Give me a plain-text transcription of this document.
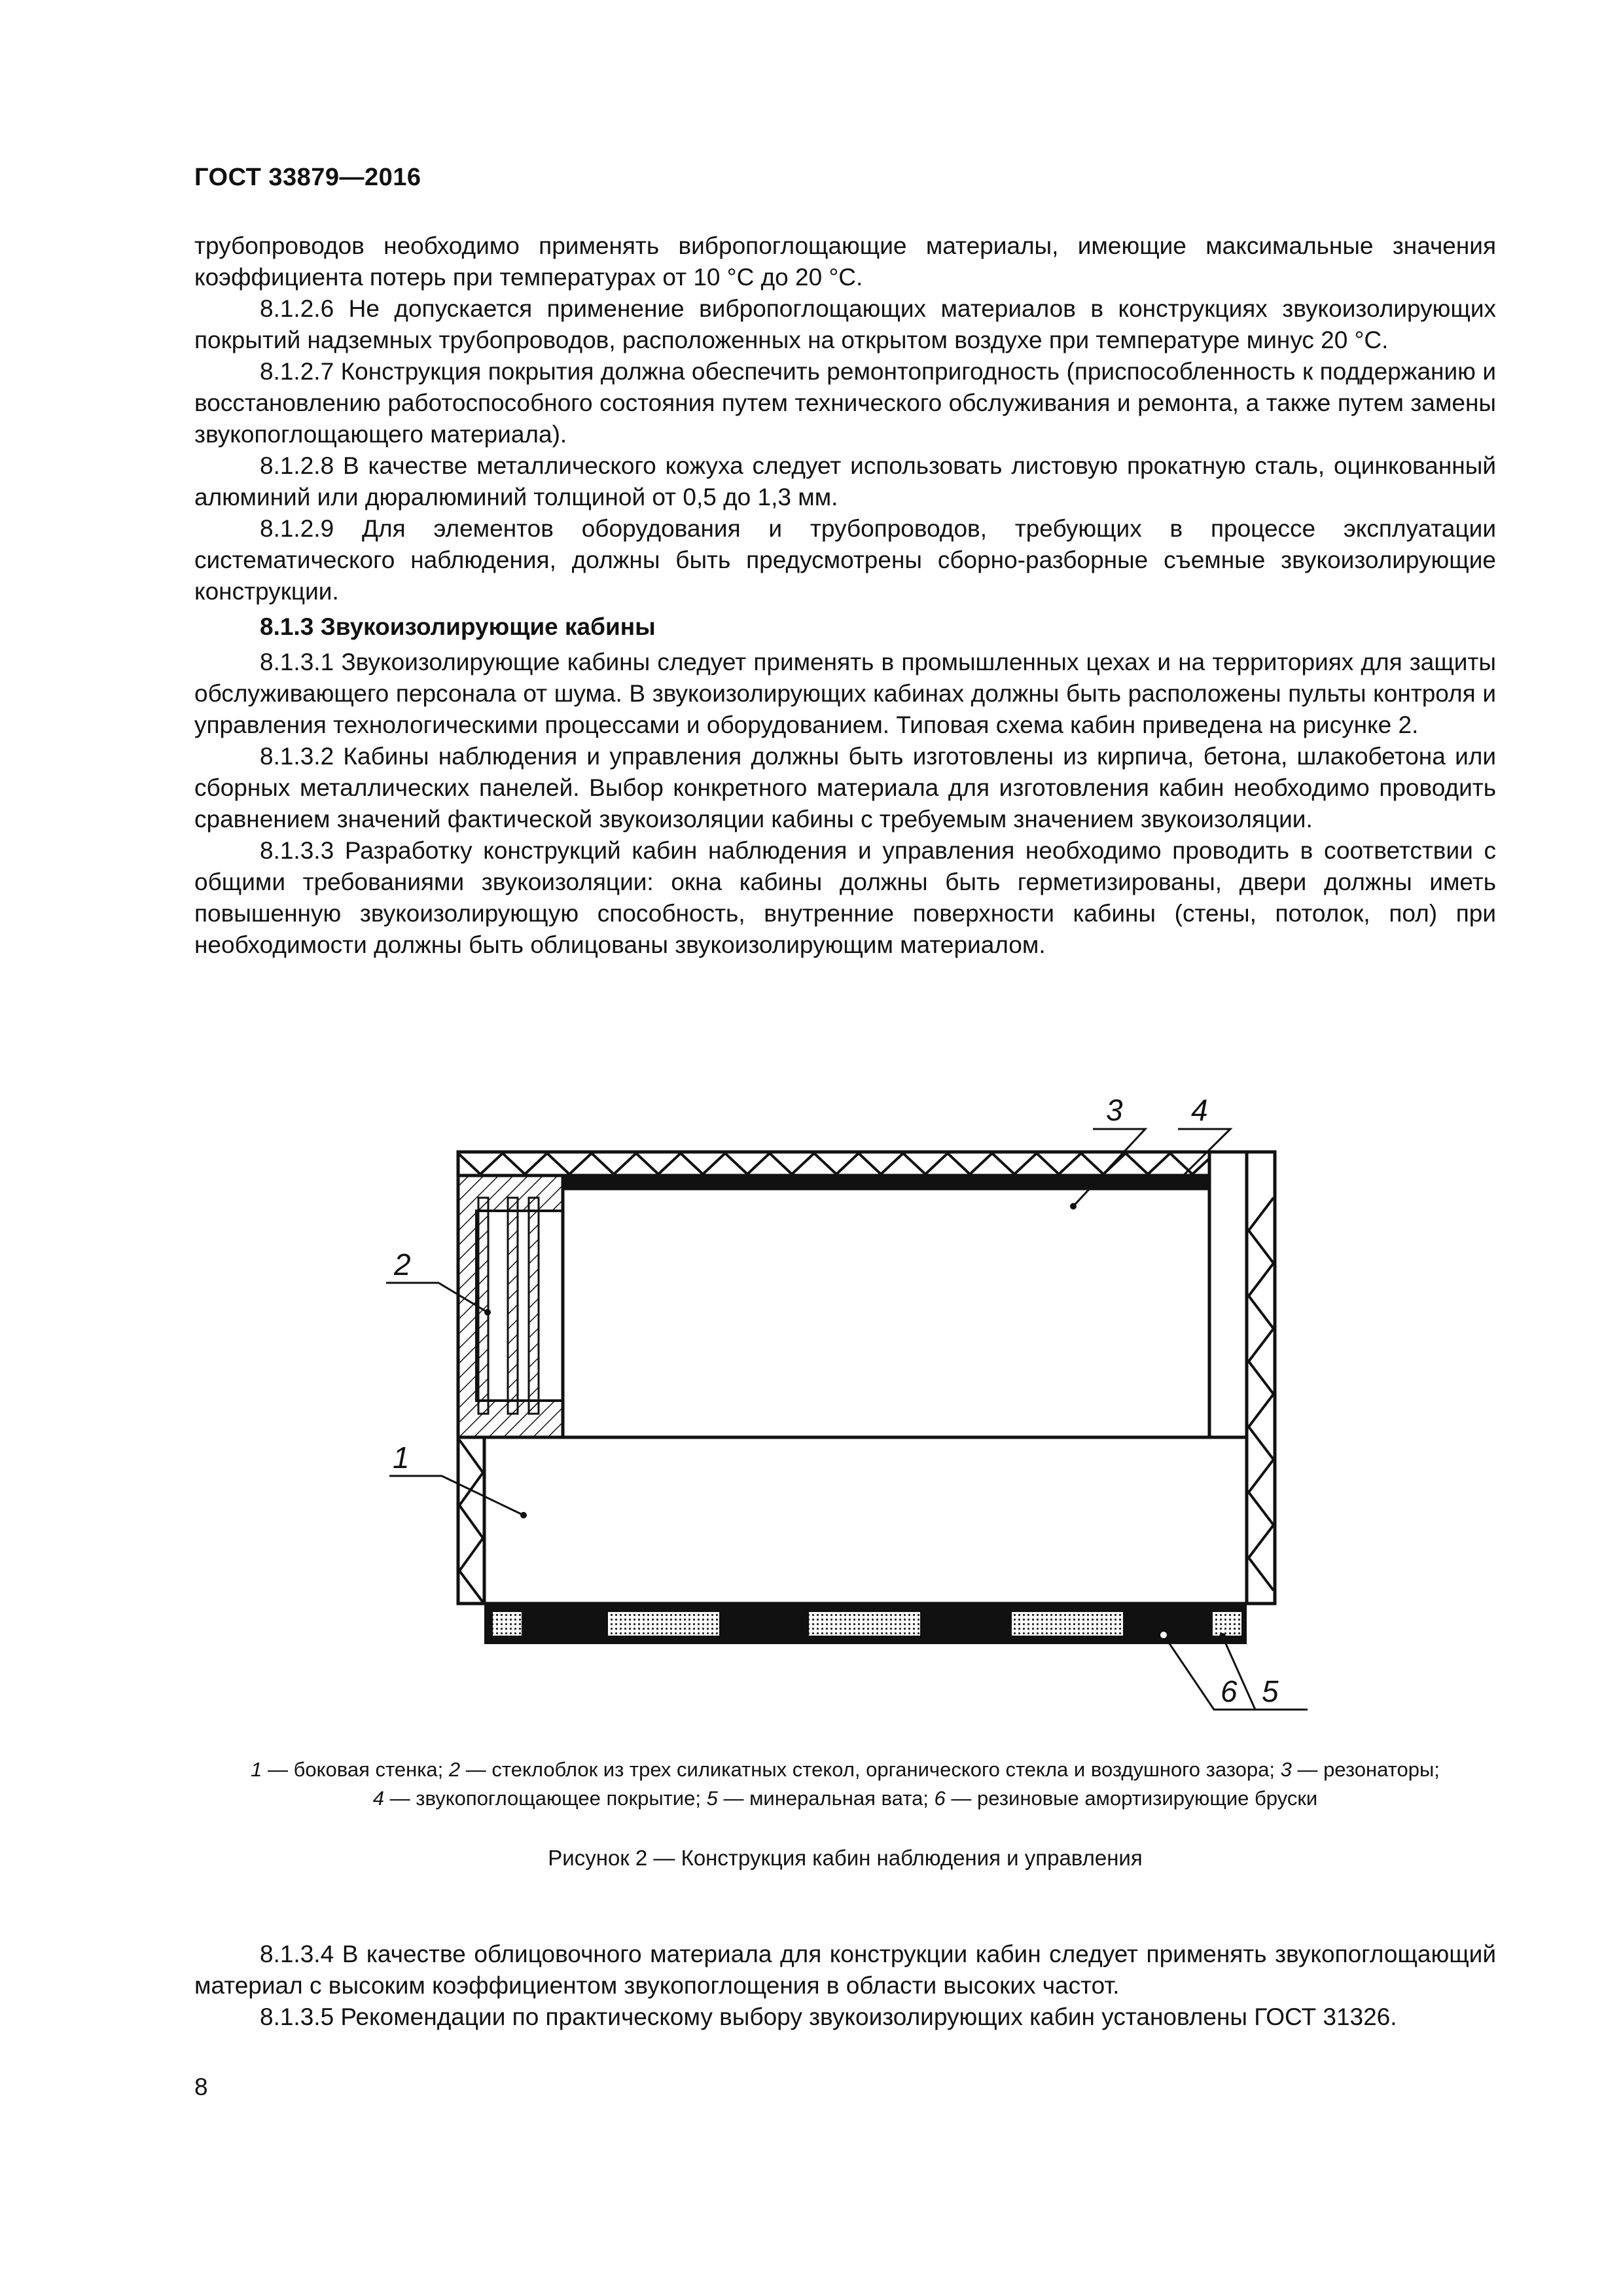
ГОСТ 33879—2016

трубопроводов необходимо применять вибропоглощающие материалы, имеющие максимальные значения коэффициента потерь при температурах от 10 °С до 20 °С.

8.1.2.6 Не допускается применение вибропоглощающих материалов в конструкциях звукоизолирующих покрытий надземных трубопроводов, расположенных на открытом воздухе при температуре минус 20 °С.

8.1.2.7 Конструкция покрытия должна обеспечить ремонтопригодность (приспособленность к поддержанию и восстановлению работоспособного состояния путем технического обслуживания и ремонта, а также путем замены звукопоглощающего материала).

8.1.2.8 В качестве металлического кожуха следует использовать листовую прокатную сталь, оцинкованный алюминий или дюралюминий толщиной от 0,5 до 1,3 мм.

8.1.2.9 Для элементов оборудования и трубопроводов, требующих в процессе эксплуатации систематического наблюдения, должны быть предусмотрены сборно-разборные съемные звукоизолирующие конструкции.

8.1.3 Звукоизолирующие кабины

8.1.3.1 Звукоизолирующие кабины следует применять в промышленных цехах и на территориях для защиты обслуживающего персонала от шума. В звукоизолирующих кабинах должны быть расположены пульты контроля и управления технологическими процессами и оборудованием. Типовая схема кабин приведена на рисунке 2.

8.1.3.2 Кабины наблюдения и управления должны быть изготовлены из кирпича, бетона, шлакобетона или сборных металлических панелей. Выбор конкретного материала для изготовления кабин необходимо проводить сравнением значений фактической звукоизоляции кабины с требуемым значением звукоизоляции.

8.1.3.3 Разработку конструкций кабин наблюдения и управления необходимо проводить в соответствии с общими требованиями звукоизоляции: окна кабины должны быть герметизированы, двери должны иметь повышенную звукоизолирующую способность, внутренние поверхности кабины (стены, потолок, пол) при необходимости должны быть облицованы звукоизолирующим материалом.

1
2
3 4
5
6
1 — боковая стенка; 2 — стеклоблок из трех силикатных стекол, органического стекла и воздушного зазора; 3 — резонаторы;
4 — звукопоглощающее покрытие; 5 — минеральная вата; 6 — резиновые амортизирующие бруски
Рисунок 2 — Конструкция кабин наблюдения и управления

8.1.3.4 В качестве облицовочного материала для конструкции кабин следует применять звукопоглощающий материал с высоким коэффициентом звукопоглощения в области высоких частот.

8.1.3.5 Рекомендации по практическому выбору звукоизолирующих кабин установлены ГОСТ 31326.

8
